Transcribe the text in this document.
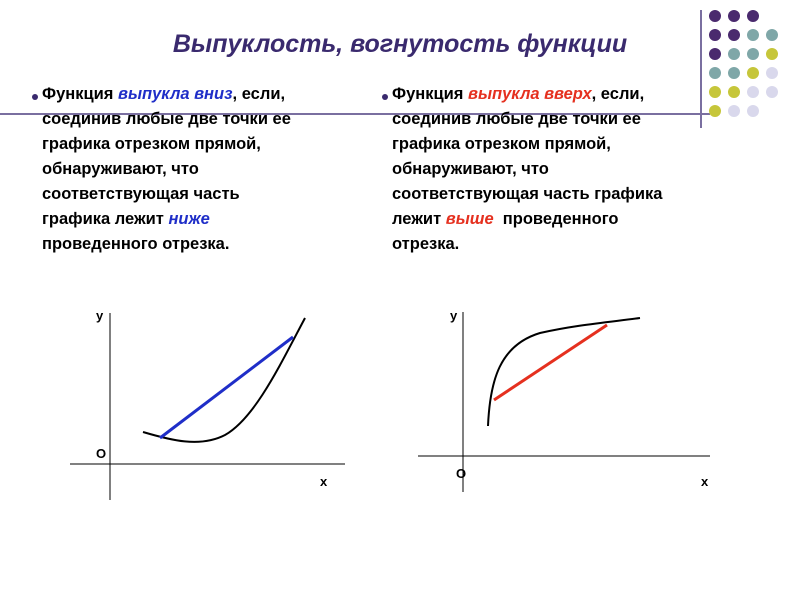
Выпуклость, вогнутость функции
Функция выпукла вниз, если,
соединив любые две точки ее
графика отрезком прямой,
обнаруживают, что
соответствующая часть
графика лежит ниже
проведенного отрезка.
Функция выпукла вверх, если,
соединив любые две точки ее
графика отрезком прямой,
обнаруживают, что
соответствующая часть графика
лежит выше  проведенного
отрезка.
y
x
O
y
x
O
